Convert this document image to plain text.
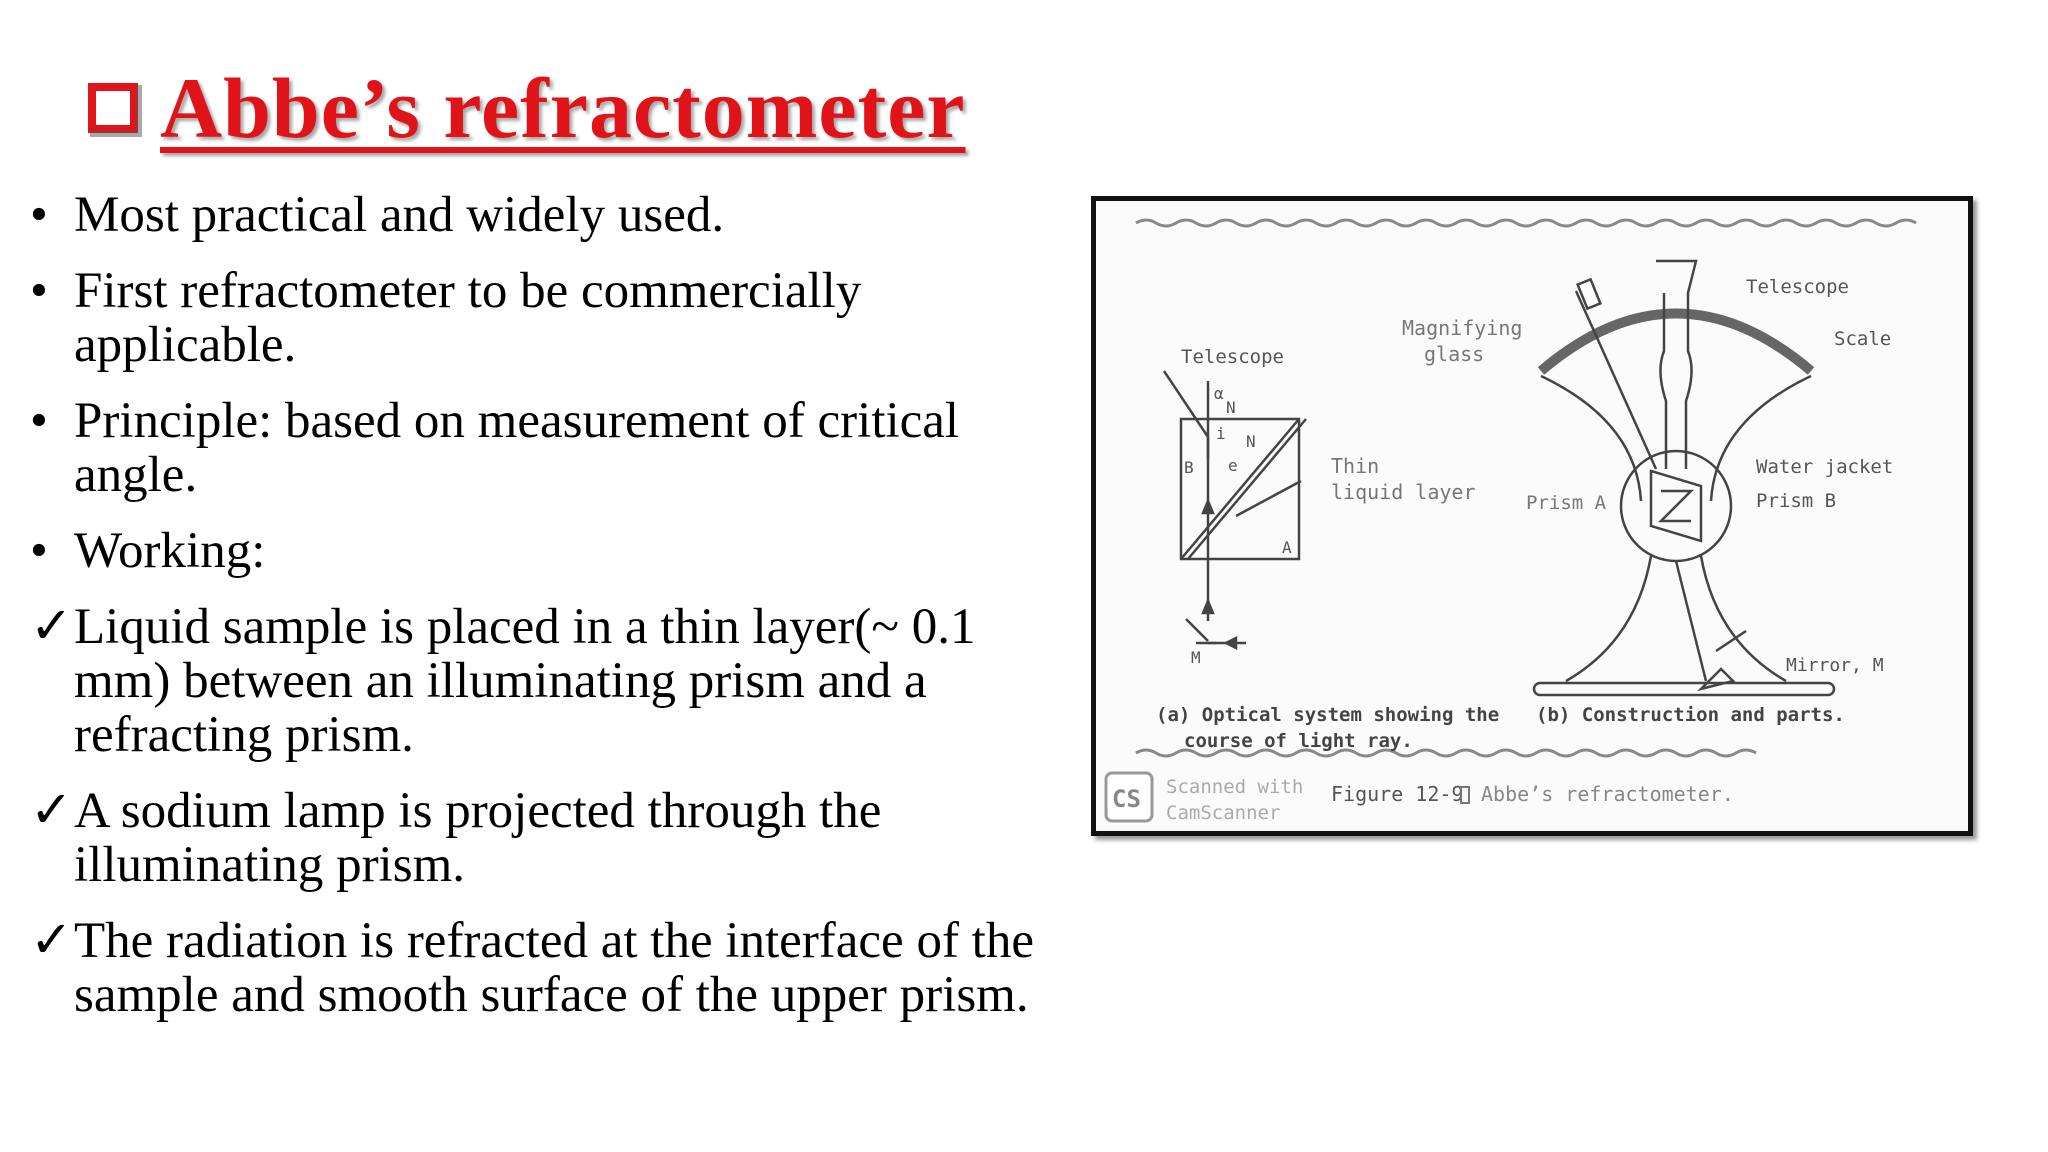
Abbe’s refractometer
• Most practical and widely used.
• First refractometer to be commercially applicable.
• Principle: based on measurement of critical angle.
• Working:
✓ Liquid sample is placed in a thin layer(~ 0.1 mm) between an illuminating prism and a refracting prism.
✓ A sodium lamp is projected through the illuminating prism.
✓ The radiation is refracted at the interface of the sample and smooth surface of the upper prism.
Telescope
α
N
i N
e
B
A
M
Thin
liquid layer
Magnifying
glass
Telescope
Scale
Water jacket
Prism A	Prism B
Mirror, M
(a) Optical system showing the
course of light ray.
(b) Construction and parts.
CS Scanned with
CamScanner
Figure 12-9 Abbe’s refractometer.
